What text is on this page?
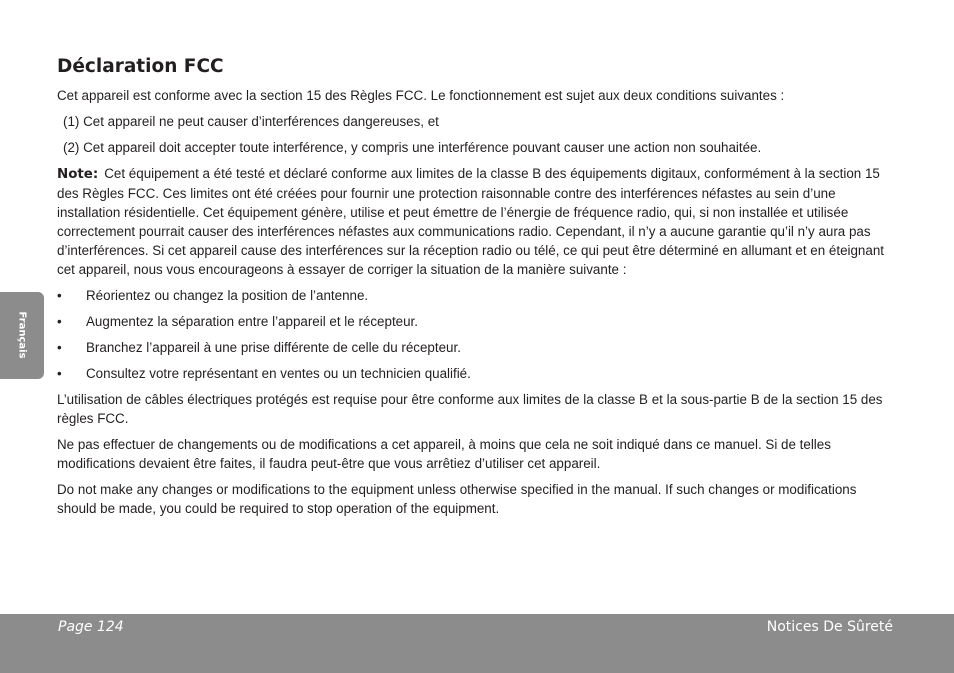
Français
Déclaration FCC

Cet appareil est conforme avec la section 15 des Règles FCC. Le fonctionnement est sujet aux deux conditions suivantes :

(1) Cet appareil ne peut causer d’interférences dangereuses, et
(2) Cet appareil doit accepter toute interférence, y compris une interférence pouvant causer une action non souhaitée.

Note: Cet équipement a été testé et déclaré conforme aux limites de la classe B des équipements digitaux, conformément à la section 15 des Règles FCC. Ces limites ont été créées pour fournir une protection raisonnable contre des interférences néfastes au sein d’une installation résidentielle. Cet équipement génère, utilise et peut émettre de l’énergie de fréquence radio, qui, si non installée et utilisée correctement pourrait causer des interférences néfastes aux communications radio. Cependant, il n’y a aucune garantie qu’il n’y aura pas d’interférences. Si cet appareil cause des interférences sur la réception radio ou télé, ce qui peut être déterminé en allumant et en éteignant cet appareil, nous vous encourageons à essayer de corriger la situation de la manière suivante :

• Réorientez ou changez la position de l’antenne.
• Augmentez la séparation entre l’appareil et le récepteur.
• Branchez l’appareil à une prise différente de celle du récepteur.
• Consultez votre représentant en ventes ou un technicien qualifié.

L’utilisation de câbles électriques protégés est requise pour être conforme aux limites de la classe B et la sous-partie B de la section 15 des règles FCC.

Ne pas effectuer de changements ou de modifications a cet appareil, à moins que cela ne soit indiqué dans ce manuel. Si de telles modifications devaient être faites, il faudra peut-être que vous arrêtiez d’utiliser cet appareil.

Do not make any changes or modifications to the equipment unless otherwise specified in the manual. If such changes or modifications should be made, you could be required to stop operation of the equipment.

Page 124	Notices De Sûreté
